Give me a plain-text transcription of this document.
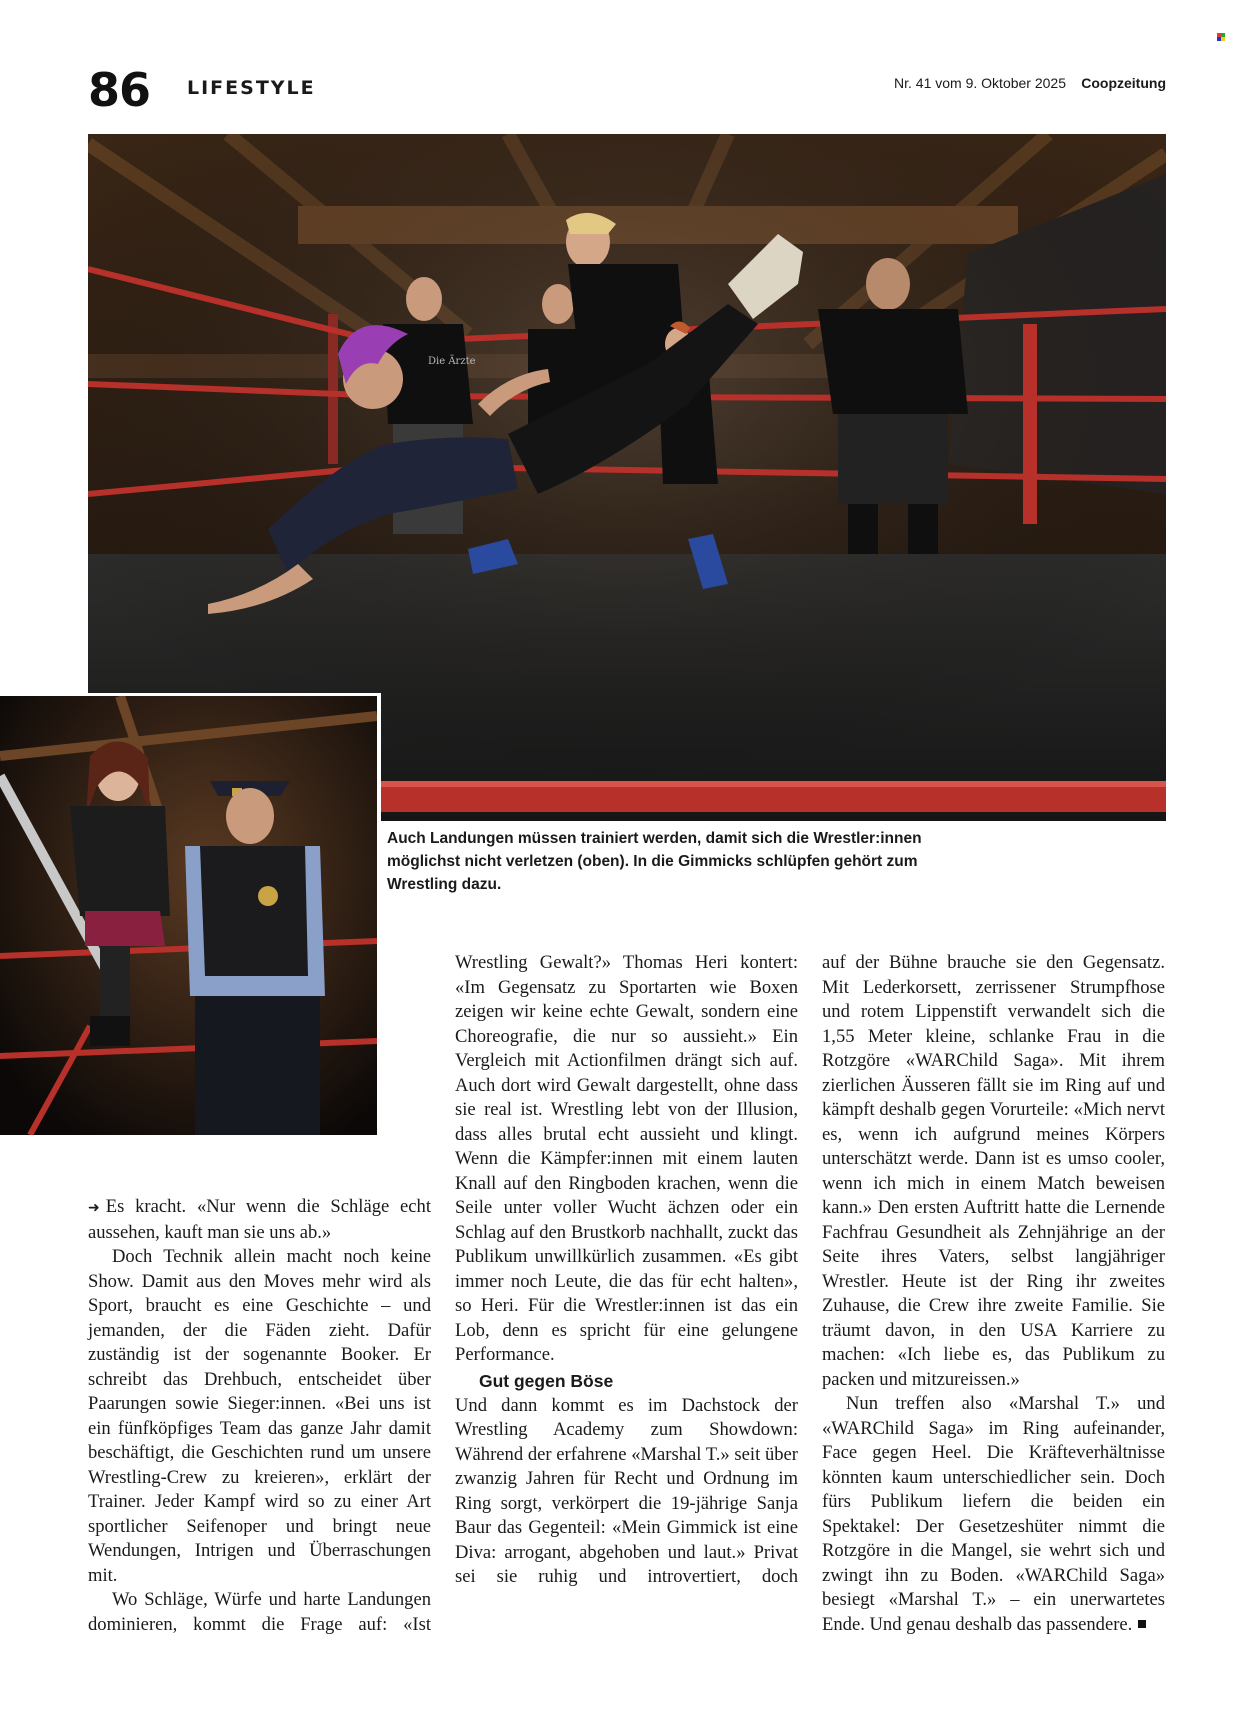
86 LIFESTYLE	Nr. 41 vom 9. Oktober 2025 Coopzeitung
Die Ärzte
Auch Landungen müssen trainiert werden, damit sich die Wrestler:innen möglichst nicht verletzen (oben). In die Gimmicks schlüpfen gehört zum Wrestling dazu.

➜ Es kracht. «Nur wenn die Schläge echt aussehen, kauft man sie uns ab.»

Doch Technik allein macht noch keine Show. Damit aus den Moves mehr wird als Sport, braucht es eine Geschichte – und jemanden, der die Fäden zieht. Dafür zuständig ist der sogenannte Booker. Er schreibt das Drehbuch, entscheidet über Paarungen sowie Sieger:innen. «Bei uns ist ein fünfköpfiges Team das ganze Jahr damit beschäftigt, die Geschichten rund um unsere Wrestling-Crew zu kreieren», erklärt der Trainer. Jeder Kampf wird so zu einer Art sportlicher Seifenoper und bringt neue Wendungen, Intrigen und Überraschungen mit.

Wo Schläge, Würfe und harte Landungen dominieren, kommt die Frage auf: «Ist

Wrestling Gewalt?» Thomas Heri kontert: «Im Gegensatz zu Sportarten wie Boxen zeigen wir keine echte Gewalt, sondern eine Choreografie, die nur so aussieht.» Ein Vergleich mit Actionfilmen drängt sich auf. Auch dort wird Gewalt dargestellt, ohne dass sie real ist. Wrestling lebt von der Illusion, dass alles brutal echt aussieht und klingt. Wenn die Kämpfer:innen mit einem lauten Knall auf den Ringboden krachen, wenn die Seile unter voller Wucht ächzen oder ein Schlag auf den Brustkorb nachhallt, zuckt das Publikum unwillkürlich zusammen. «Es gibt immer noch Leute, die das für echt halten», so Heri. Für die Wrestler:innen ist das ein Lob, denn es spricht für eine gelungene Performance.

Gut gegen Böse

Und dann kommt es im Dachstock der Wrestling Academy zum Showdown: Während der erfahrene «Marshal T.» seit über zwanzig Jahren für Recht und Ordnung im Ring sorgt, verkörpert die 19-jährige Sanja Baur das Gegenteil: «Mein Gimmick ist eine Diva: arrogant, abgehoben und laut.» Privat sei sie ruhig und introvertiert, doch

auf der Bühne brauche sie den Gegensatz. Mit Lederkorsett, zerrissener Strumpfhose und rotem Lippenstift verwandelt sich die 1,55 Meter kleine, schlanke Frau in die Rotzgöre «WARChild Saga». Mit ihrem zierlichen Äusseren fällt sie im Ring auf und kämpft deshalb gegen Vorurteile: «Mich nervt es, wenn ich aufgrund meines Körpers unterschätzt werde. Dann ist es umso cooler, wenn ich mich in einem Match beweisen kann.» Den ersten Auftritt hatte die Lernende Fachfrau Gesundheit als Zehnjährige an der Seite ihres Vaters, selbst langjähriger Wrestler. Heute ist der Ring ihr zweites Zuhause, die Crew ihre zweite Familie. Sie träumt davon, in den USA Karriere zu machen: «Ich liebe es, das Publikum zu packen und mitzureissen.»

Nun treffen also «Marshal T.» und «WARChild Saga» im Ring aufeinander, Face gegen Heel. Die Kräfteverhältnisse könnten kaum unterschiedlicher sein. Doch fürs Publikum liefern die beiden ein Spektakel: Der Gesetzeshüter nimmt die Rotzgöre in die Mangel, sie wehrt sich und zwingt ihn zu Boden. «WARChild Saga» besiegt «Marshal T.» – ein unerwartetes Ende. Und genau deshalb das passendere.
